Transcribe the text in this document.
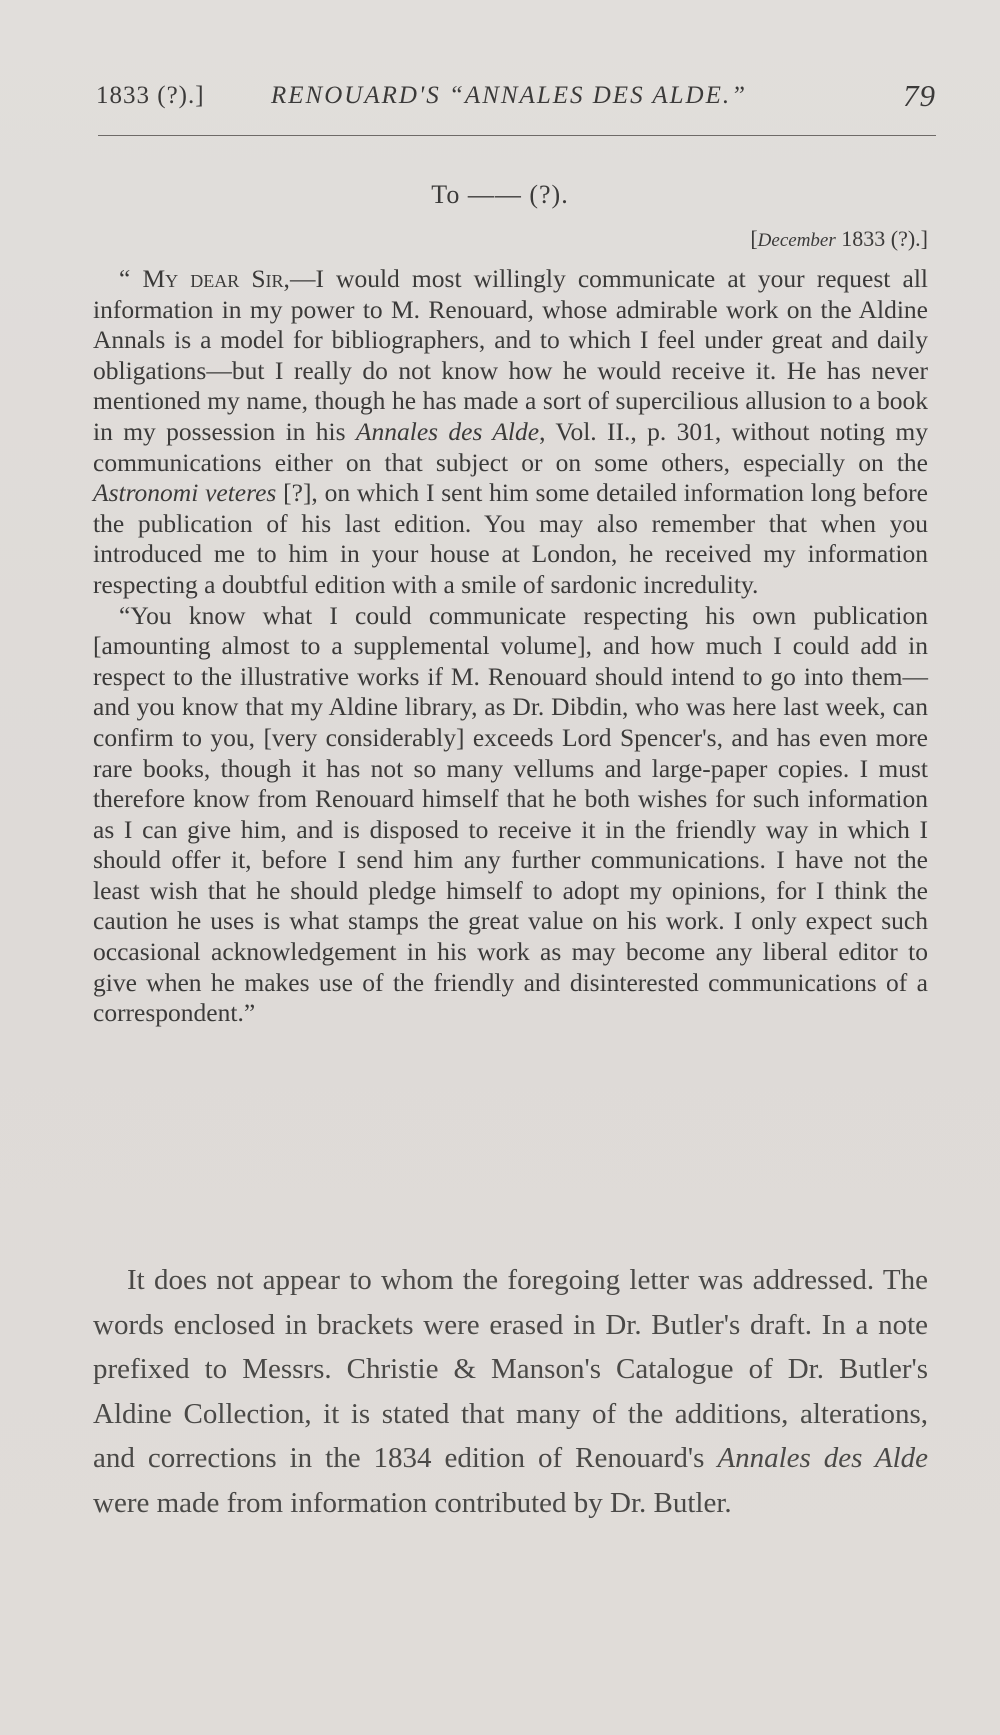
1833 (?).]	RENOUARD'S “ANNALES DES ALDE.”	79
To —— (?).
[December 1833 (?).]

“ My dear Sir,—I would most willingly communicate at your request all information in my power to M. Renouard, whose admirable work on the Aldine Annals is a model for bibliographers, and to which I feel under great and daily obligations—but I really do not know how he would receive it. He has never mentioned my name, though he has made a sort of supercilious allusion to a book in my possession in his Annales des Alde, Vol. II., p. 301, without noting my communications either on that subject or on some others, especially on the Astronomi veteres [?], on which I sent him some detailed information long before the publication of his last edition. You may also remember that when you introduced me to him in your house at London, he received my information respecting a doubtful edition with a smile of sardonic incredulity.

“You know what I could communicate respecting his own publication [amounting almost to a supplemental volume], and how much I could add in respect to the illustrative works if M. Renouard should intend to go into them—and you know that my Aldine library, as Dr. Dibdin, who was here last week, can confirm to you, [very considerably] exceeds Lord Spencer's, and has even more rare books, though it has not so many vellums and large-paper copies. I must therefore know from Renouard himself that he both wishes for such information as I can give him, and is disposed to receive it in the friendly way in which I should offer it, before I send him any further communications. I have not the least wish that he should pledge himself to adopt my opinions, for I think the caution he uses is what stamps the great value on his work. I only expect such occasional acknowledgement in his work as may become any liberal editor to give when he makes use of the friendly and disinterested communications of a correspondent.”

It does not appear to whom the foregoing letter was addressed. The words enclosed in brackets were erased in Dr. Butler's draft. In a note prefixed to Messrs. Christie & Manson's Catalogue of Dr. Butler's Aldine Collection, it is stated that many of the additions, alterations, and corrections in the 1834 edition of Renouard's Annales des Alde were made from information contributed by Dr. Butler.
